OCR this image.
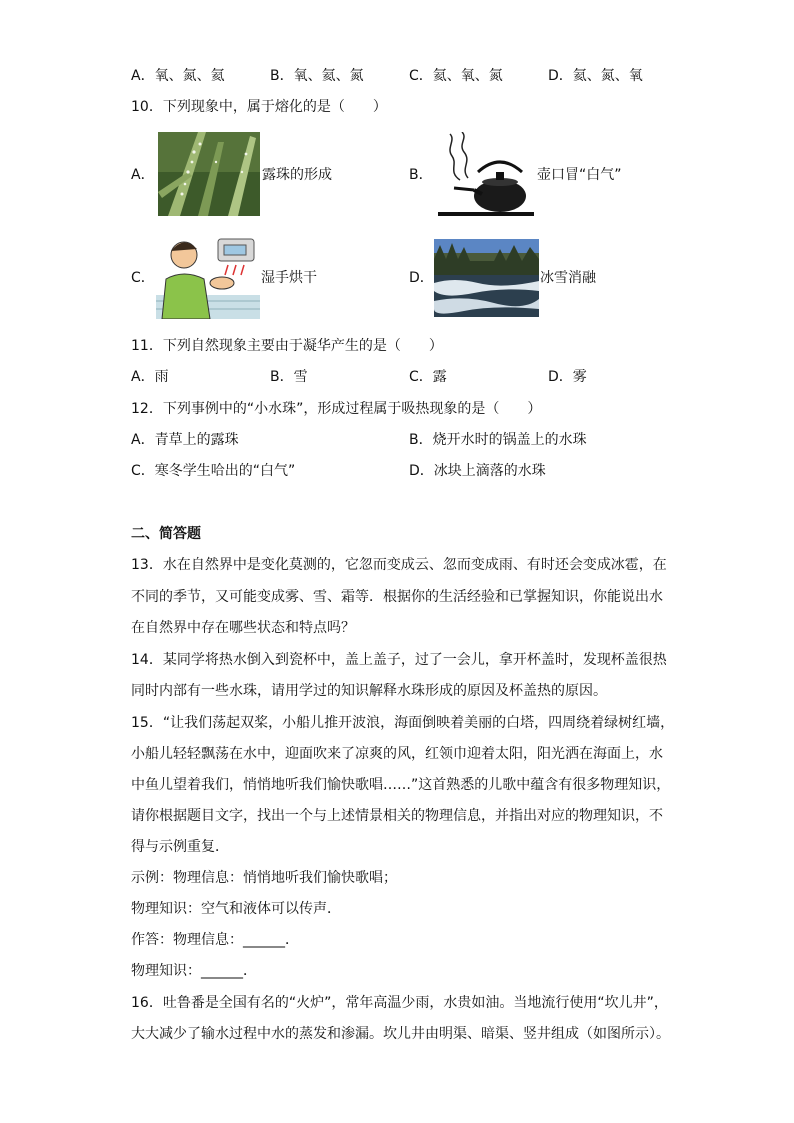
A．氧、氮、氦	B．氧、氦、氮	C．氦、氧、氮	D．氦、氮、氧
10．下列现象中，属于熔化的是（　　）
A．	露珠的形成	B．	壶口冒“白气”
C．	湿手烘干	D．	冰雪消融
11．下列自然现象主要由于凝华产生的是（　　）
A．雨	B．雪	C．露	D．雾
12．下列事例中的“小水珠”，形成过程属于吸热现象的是（　　）
A．青草上的露珠	B．烧开水时的锅盖上的水珠
C．寒冬学生哈出的“白气”	D．冰块上滴落的水珠
二、简答题
13．水在自然界中是变化莫测的，它忽而变成云、忽而变成雨、有时还会变成冰雹，在
不同的季节，又可能变成雾、雪、霜等．根据你的生活经验和已掌握知识，你能说出水
在自然界中存在哪些状态和特点吗？
14．某同学将热水倒入到瓷杯中，盖上盖子，过了一会儿，拿开杯盖时，发现杯盖很热
同时内部有一些水珠，请用学过的知识解释水珠形成的原因及杯盖热的原因。
15．“让我们荡起双桨，小船儿推开波浪，海面倒映着美丽的白塔，四周绕着绿树红墙，
小船儿轻轻飘荡在水中，迎面吹来了凉爽的风，红领巾迎着太阳，阳光洒在海面上，水
中鱼儿望着我们，悄悄地听我们愉快歌唱……”这首熟悉的儿歌中蕴含有很多物理知识，
请你根据题目文字，找出一个与上述情景相关的物理信息，并指出对应的物理知识，不
得与示例重复．
示例：物理信息：悄悄地听我们愉快歌唱；
物理知识：空气和液体可以传声．
作答：物理信息：______．
物理知识：______．
16．吐鲁番是全国有名的“火炉”，常年高温少雨，水贵如油。当地流行使用“坎儿井”，
大大减少了输水过程中水的蒸发和渗漏。坎儿井由明渠、暗渠、竖井组成（如图所示）。
